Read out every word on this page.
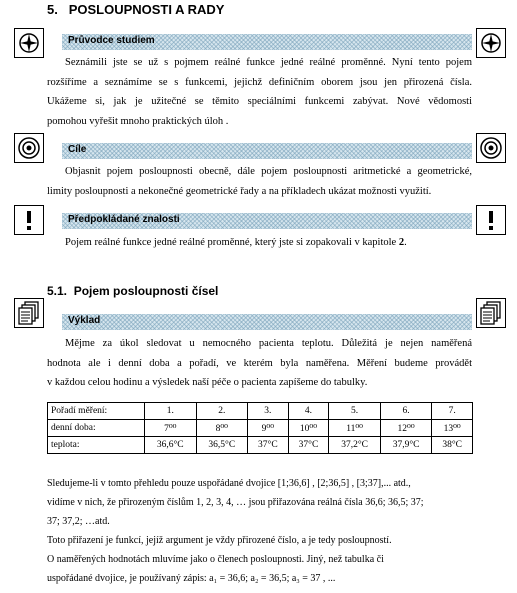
5. POSLOUPNOSTI A RADY
Průvodce studiem
Seznámili jste se už s pojmem reálné funkce jedné reálné proměnné. Nyní tento pojem
rozšíříme a seznámíme se s funkcemi, jejichž definičním oborem jsou jen přirozená čísla.
Ukážeme si, jak je užitečné se těmito speciálními funkcemi zabývat. Nové vědomosti
pomohou vyřešit mnoho praktických úloh .
Cíle
Objasnit pojem posloupnosti obecně, dále pojem posloupnosti aritmetické a geometrické,
limity posloupnosti a nekonečné geometrické řady a na příkladech ukázat možnosti využití.
Předpokládané znalosti
Pojem reálné funkce jedné reálné proměnné, který jste si zopakovali v kapitole 2.
5.1. Pojem posloupnosti čísel
Výklad
Mějme za úkol sledovat u nemocného pacienta teplotu. Důležitá je nejen naměřená
hodnota ale i denní doba a pořadí, ve kterém byla naměřena. Měření budeme provádět
v každou celou hodinu a výsledek naší péče o pacienta zapíšeme do tabulky.
Pořadí měření:	1.	2.	3.	4.	5.	6.	7.
denní doba:	7⁰⁰	8⁰⁰	9⁰⁰	10⁰⁰	11⁰⁰	12⁰⁰	13⁰⁰
teplota:	36,6°C	36,5°C	37°C	37°C	37,2°C	37,9°C	38°C
Sledujeme-li v tomto přehledu pouze uspořádané dvojice [1;36,6] , [2;36,5] , [3;37],... atd.,
vidíme v nich, že přirozeným číslům 1, 2, 3, 4, … jsou přiřazována reálná čísla 36,6; 36,5; 37;
37; 37,2; …atd.
Toto přiřazení je funkcí, jejíž argument je vždy přirozené číslo, a je tedy posloupností.
O naměřených hodnotách mluvíme jako o členech posloupnosti. Jiný, než tabulka či
uspořádané dvojice, je používaný zápis: a₁ = 36,6; a₂ = 36,5; a₃ = 37 , ...
